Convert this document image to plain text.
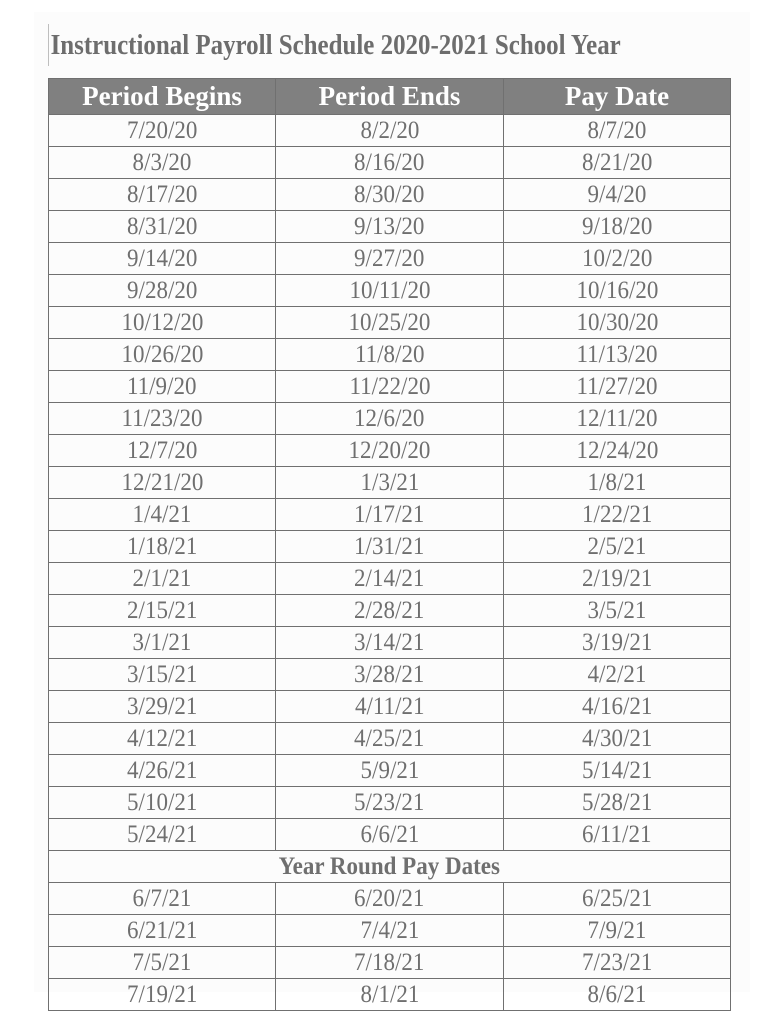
Instructional Payroll Schedule 2020-2021 School Year
Period Begins	Period Ends	Pay Date
7/20/20	8/2/20	8/7/20
8/3/20	8/16/20	8/21/20
8/17/20	8/30/20	9/4/20
8/31/20	9/13/20	9/18/20
9/14/20	9/27/20	10/2/20
9/28/20	10/11/20	10/16/20
10/12/20	10/25/20	10/30/20
10/26/20	11/8/20	11/13/20
11/9/20	11/22/20	11/27/20
11/23/20	12/6/20	12/11/20
12/7/20	12/20/20	12/24/20
12/21/20	1/3/21	1/8/21
1/4/21	1/17/21	1/22/21
1/18/21	1/31/21	2/5/21
2/1/21	2/14/21	2/19/21
2/15/21	2/28/21	3/5/21
3/1/21	3/14/21	3/19/21
3/15/21	3/28/21	4/2/21
3/29/21	4/11/21	4/16/21
4/12/21	4/25/21	4/30/21
4/26/21	5/9/21	5/14/21
5/10/21	5/23/21	5/28/21
5/24/21	6/6/21	6/11/21
Year Round Pay Dates		
6/7/21	6/20/21	6/25/21
6/21/21	7/4/21	7/9/21
7/5/21	7/18/21	7/23/21
7/19/21	8/1/21	8/6/21
